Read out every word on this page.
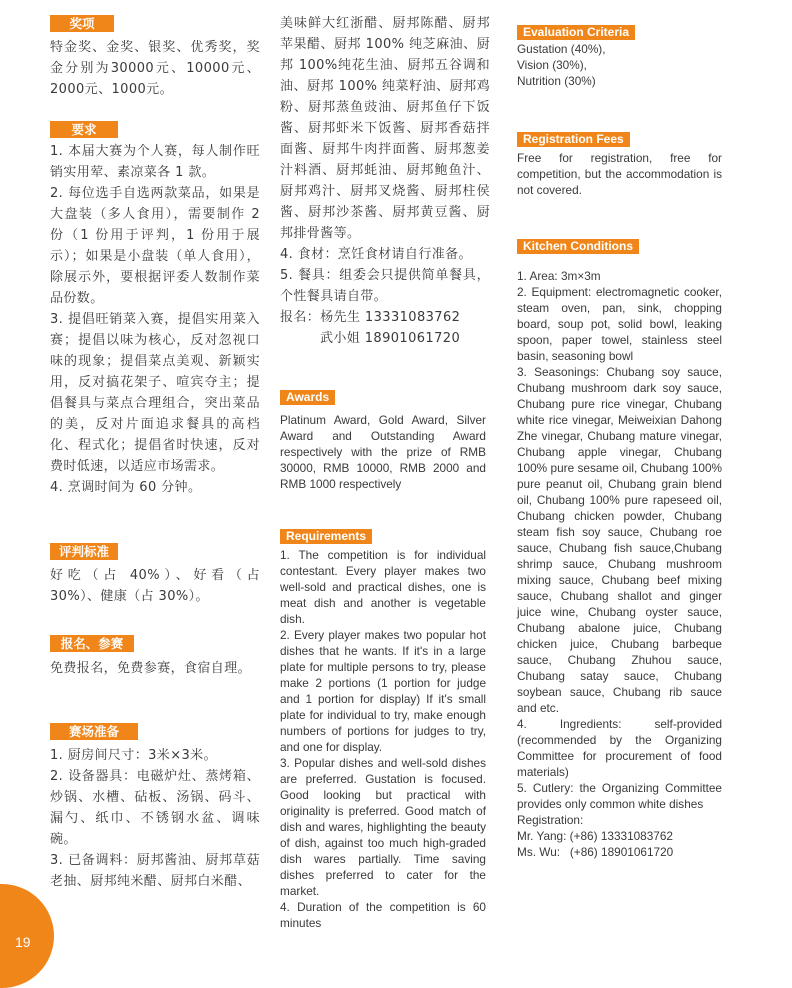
奖项
特金奖、金奖、银奖、优秀奖，奖金分别为30000元、10000元、2000元、1000元。
要求

1. 本届大赛为个人赛，每人制作旺销实用荤、素凉菜各 1 款。

2. 每位选手自选两款菜品，如果是大盘装（多人食用），需要制作 2 份（1 份用于评判，1 份用于展示）；如果是小盘装（单人食用），除展示外，要根据评委人数制作菜品份数。

3. 提倡旺销菜入赛，提倡实用菜入赛；提倡以味为核心，反对忽视口味的现象；提倡菜点美观、新颖实用，反对搞花架子、喧宾夺主；提倡餐具与菜点合理组合，突出菜品的美，反对片面追求餐具的高档化、程式化；提倡省时快速，反对费时低速，以适应市场需求。

4. 烹调时间为 60 分钟。

评判标准
好吃（占 40%）、好看（占 30%）、健康（占 30%）。
报名、参赛
免费报名，免费参赛，食宿自理。
赛场准备

1. 厨房间尺寸：3米×3米。

2. 设备器具：电磁炉灶、蒸烤箱、炒锅、水槽、砧板、汤锅、码斗、漏勺、纸巾、不锈钢水盆、调味碗。

3. 已备调料：厨邦酱油、厨邦草菇老抽、厨邦纯米醋、厨邦白米醋、

美味鲜大红浙醋、厨邦陈醋、厨邦苹果醋、厨邦 100% 纯芝麻油、厨邦 100%纯花生油、厨邦五谷调和油、厨邦 100% 纯菜籽油、厨邦鸡粉、厨邦蒸鱼豉油、厨邦鱼仔下饭酱、厨邦虾米下饭酱、厨邦香菇拌面酱、厨邦牛肉拌面酱、厨邦葱姜汁料酒、厨邦蚝油、厨邦鲍鱼汁、厨邦鸡汁、厨邦叉烧酱、厨邦柱侯酱、厨邦沙茶酱、厨邦黄豆酱、厨邦排骨酱等。

4. 食材：烹饪食材请自行准备。

5. 餐具：组委会只提供简单餐具，个性餐具请自带。

报名：杨先生 13331083762

武小姐 18901061720

Awards
Platinum Award, Gold Award, Silver Award and Outstanding Award respectively with the prize of RMB 30000, RMB 10000, RMB 2000 and RMB 1000 respectively
Requirements

1. The competition is for individual contestant. Every player makes two well-sold and practical dishes, one is meat dish and another is vegetable dish.

2. Every player makes two popular hot dishes that he wants. If it's in a large plate for multiple persons to try, please make 2 portions (1 portion for judge and 1 portion for display) If it's small plate for individual to try, make enough numbers of portions for judges to try, and one for display.

3. Popular dishes and well-sold dishes are preferred. Gustation is focused. Good looking but practical with originality is preferred. Good match of dish and wares, highlighting the beauty of dish, against too much high-graded dish wares partially. Time saving dishes preferred to cater for the market.

4. Duration of the competition is 60 minutes

Evaluation Criteria

Gustation (40%),

Vision (30%),

Nutrition (30%)

Registration Fees
Free for registration, free for competition, but the accommodation is not covered.
Kitchen Conditions

1. Area: 3m×3m

2. Equipment: electromagnetic cooker, steam oven, pan, sink, chopping board, soup pot, solid bowl, leaking spoon, paper towel, stainless steel basin, seasoning bowl

3. Seasonings: Chubang soy sauce, Chubang mushroom dark soy sauce, Chubang pure rice vinegar, Chubang white rice vinegar, Meiweixian Dahong Zhe vinegar, Chubang mature vinegar, Chubang apple vinegar, Chubang 100% pure sesame oil, Chubang 100% pure peanut oil, Chubang grain blend oil, Chubang 100% pure rapeseed oil, Chubang chicken powder, Chubang steam fish soy sauce, Chubang roe sauce, Chubang fish sauce,Chubang shrimp sauce, Chubang mushroom mixing sauce, Chubang beef mixing sauce, Chubang shallot and ginger juice wine, Chubang oyster sauce, Chubang abalone juice, Chubang chicken juice, Chubang barbeque sauce, Chubang Zhuhou sauce, Chubang satay sauce, Chubang soybean sauce, Chubang rib sauce and etc.

4. Ingredients: self-provided (recommended by the Organizing Committee for procurement of food materials)

5. Cutlery: the Organizing Committee provides only common white dishes

Registration:

Mr. Yang: (+86) 13331083762

Ms. Wu:   (+86) 18901061720

19
